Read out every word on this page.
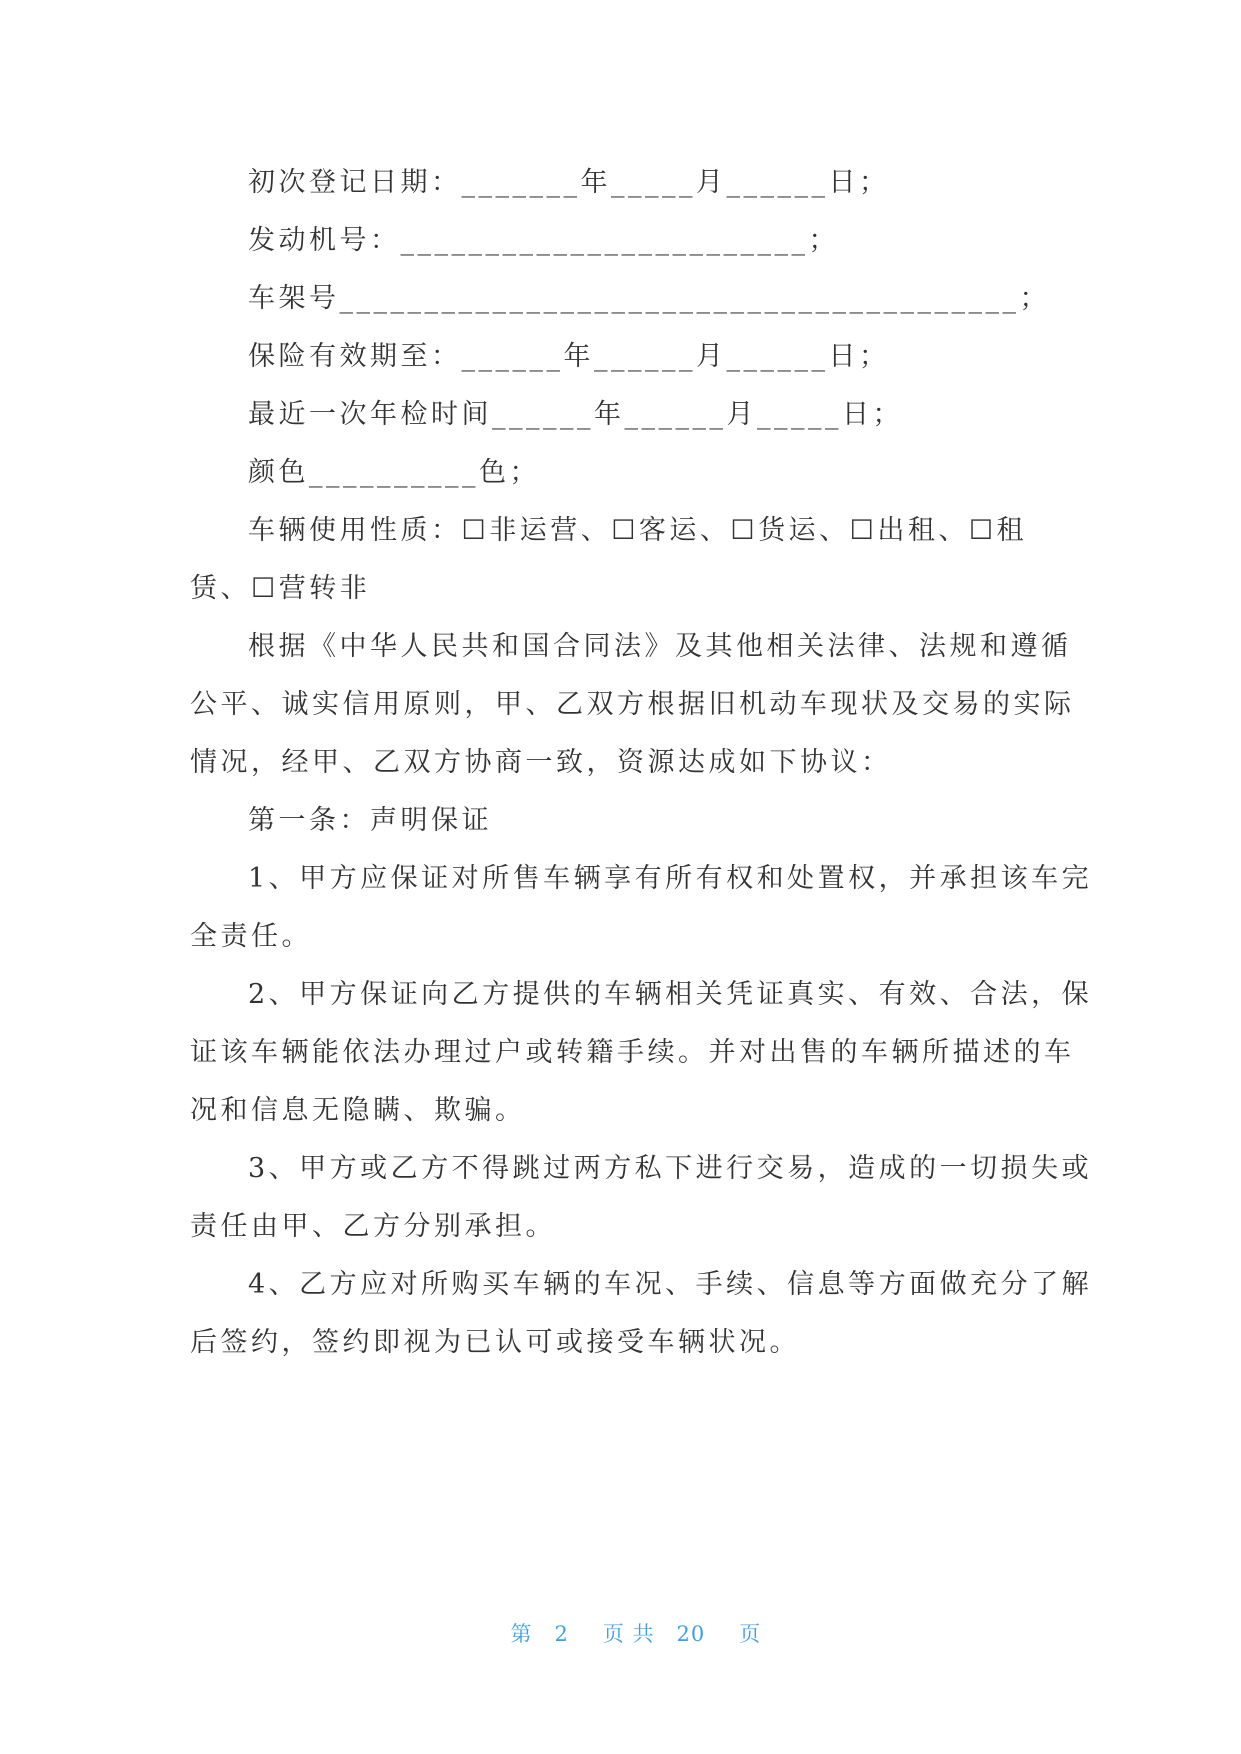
初次登记日期：_______年_____月______日；
发动机号：________________________；
车架号________________________________________；
保险有效期至：______年______月______日；
最近一次年检时间______年______月_____日；
颜色__________色；
车辆使用性质：☐非运营、☐客运、☐货运、☐出租、☐租
赁、☐营转非
根据《中华人民共和国合同法》及其他相关法律、法规和遵循
公平、诚实信用原则，甲、乙双方根据旧机动车现状及交易的实际
情况，经甲、乙双方协商一致，资源达成如下协议：
第一条：声明保证
1、甲方应保证对所售车辆享有所有权和处置权，并承担该车完
全责任。
2、甲方保证向乙方提供的车辆相关凭证真实、有效、合法，保
证该车辆能依法办理过户或转籍手续。并对出售的车辆所描述的车
况和信息无隐瞒、欺骗。
3、甲方或乙方不得跳过两方私下进行交易，造成的一切损失或
责任由甲、乙方分别承担。
4、乙方应对所购买车辆的车况、手续、信息等方面做充分了解
后签约，签约即视为已认可或接受车辆状况。

第 2 页 共 20 页
